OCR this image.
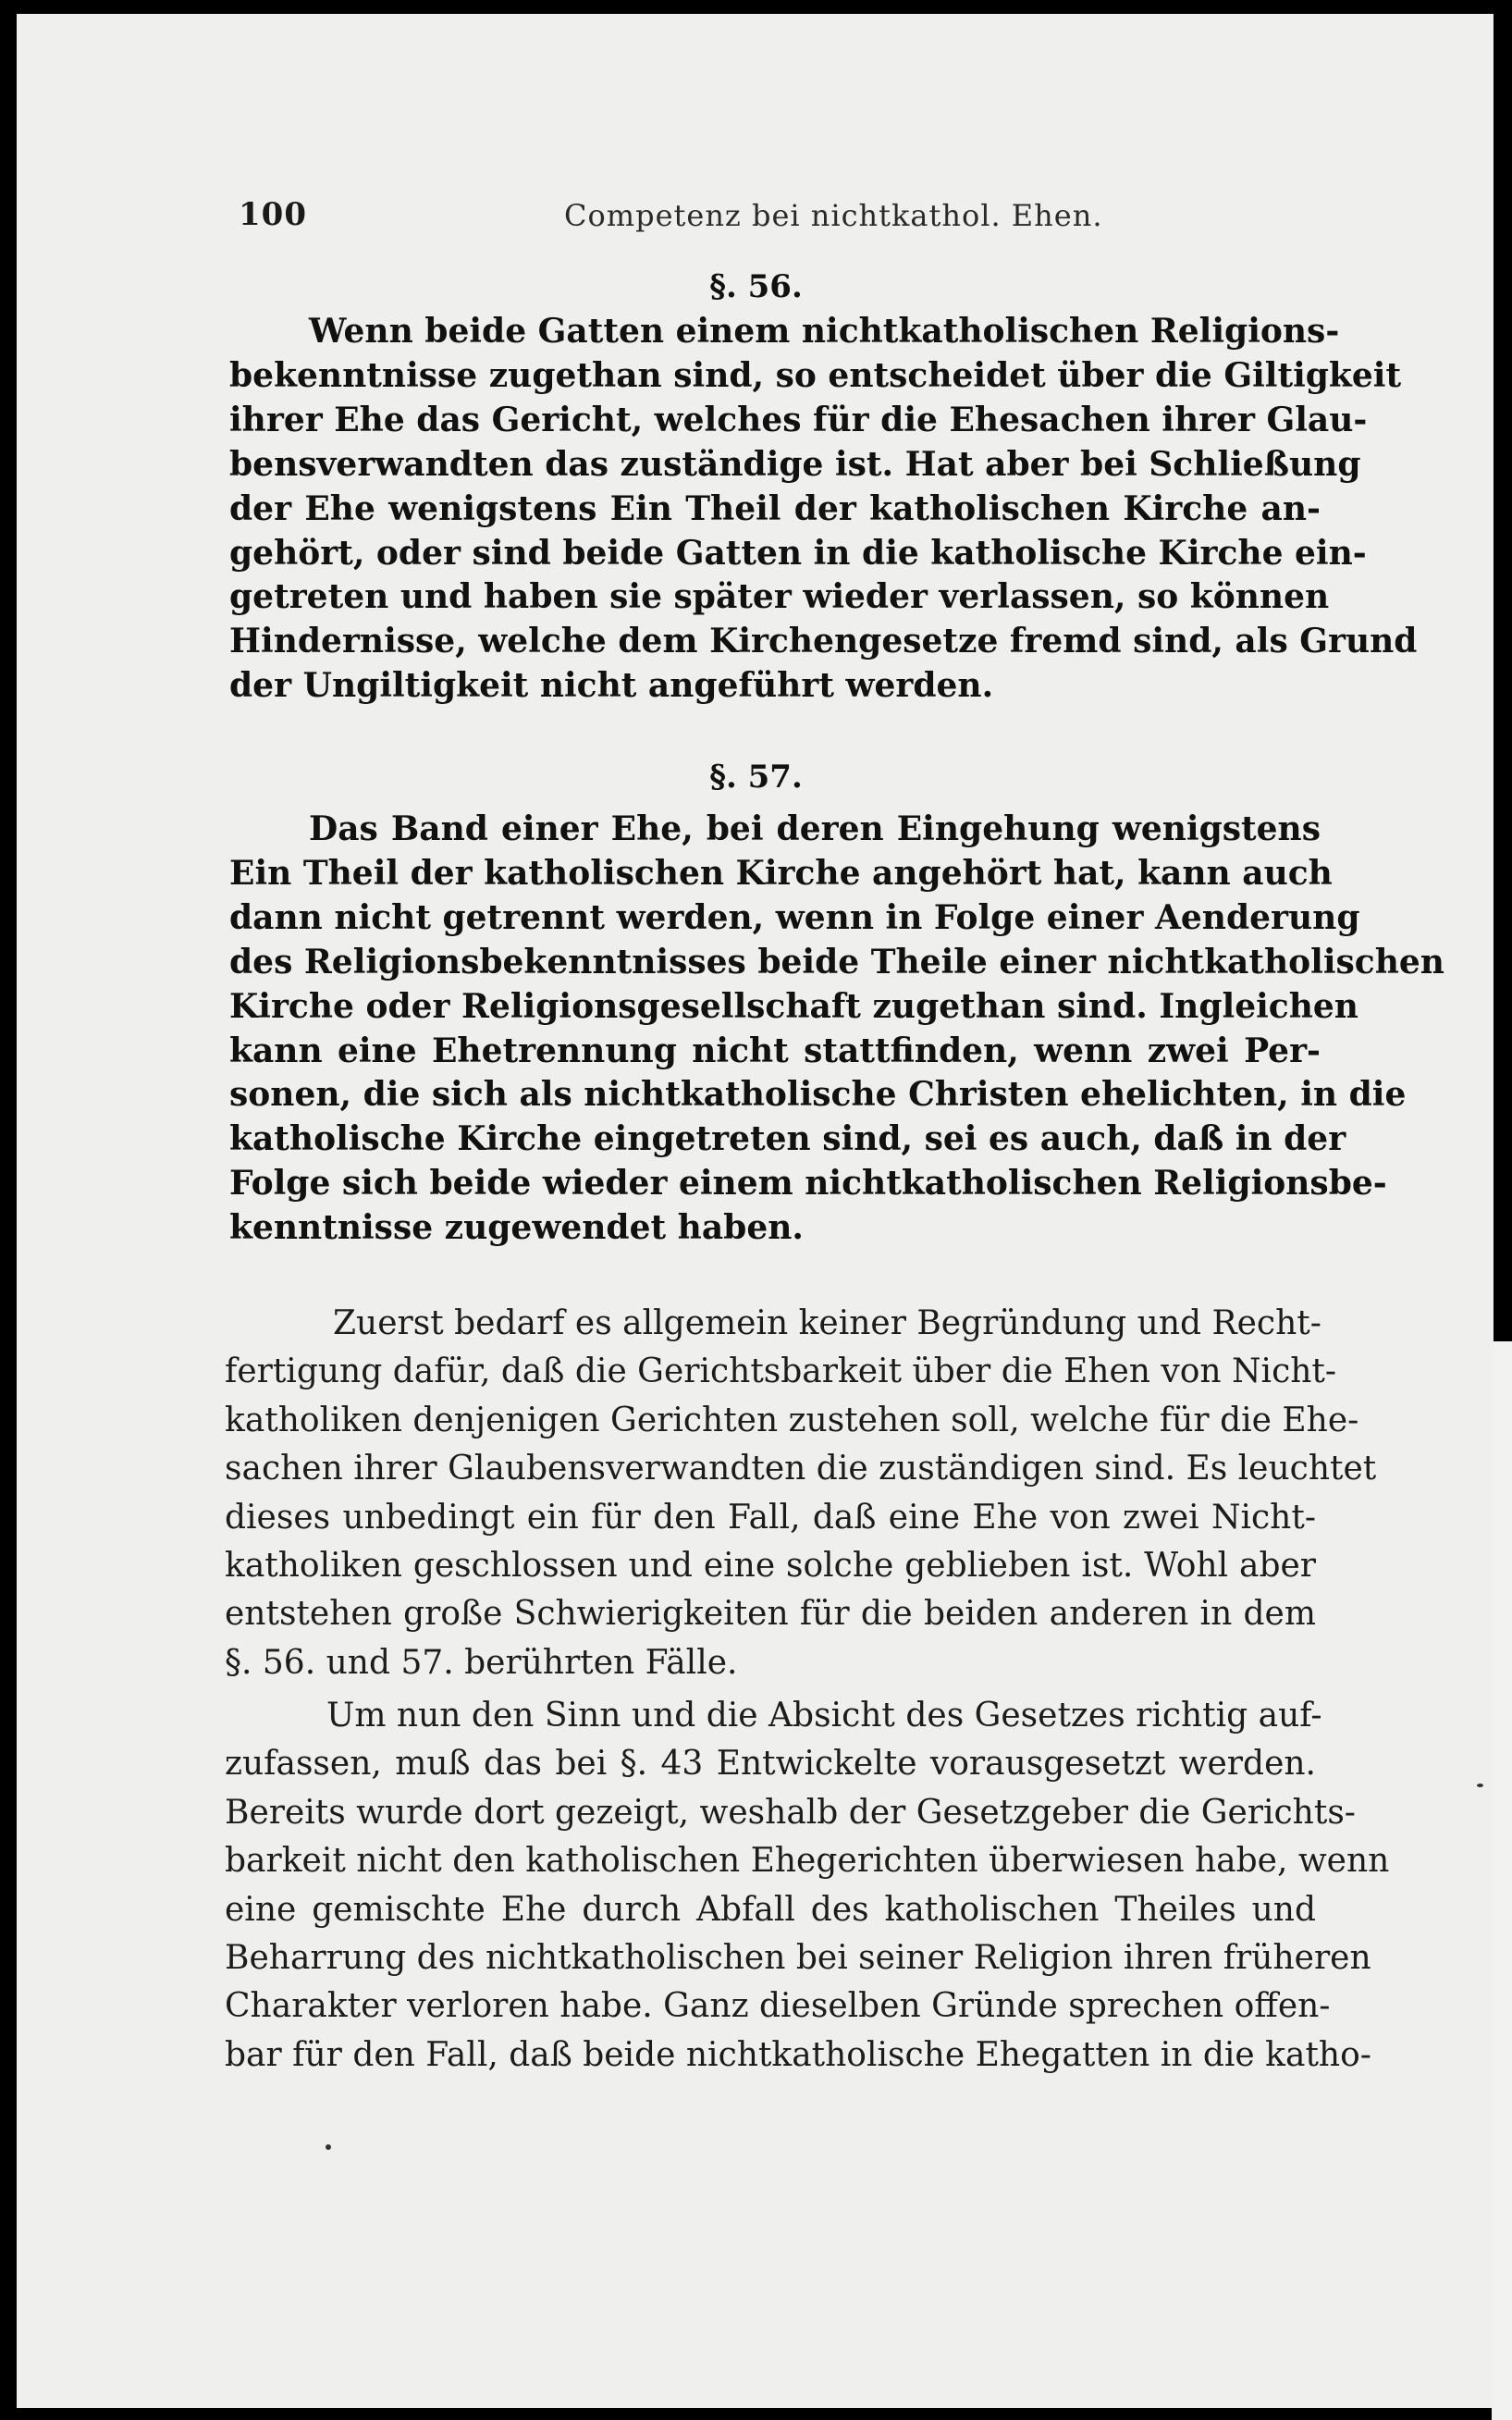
100	Competenz bei nichtkathol. Ehen.
§. 56.
Wenn beide Gatten einem nichtkatholischen Religions-
bekenntnisse zugethan sind, so entscheidet über die Giltigkeit
ihrer Ehe das Gericht, welches für die Ehesachen ihrer Glau-
bensverwandten das zuständige ist. Hat aber bei Schließung
der Ehe wenigstens Ein Theil der katholischen Kirche an-
gehört, oder sind beide Gatten in die katholische Kirche ein-
getreten und haben sie später wieder verlassen, so können
Hindernisse, welche dem Kirchengesetze fremd sind, als Grund
der Ungiltigkeit nicht angeführt werden.
§. 57.
Das Band einer Ehe, bei deren Eingehung wenigstens
Ein Theil der katholischen Kirche angehört hat, kann auch
dann nicht getrennt werden, wenn in Folge einer Aenderung
des Religionsbekenntnisses beide Theile einer nichtkatholischen
Kirche oder Religionsgesellschaft zugethan sind. Ingleichen
kann eine Ehetrennung nicht stattfinden, wenn zwei Per-
sonen, die sich als nichtkatholische Christen ehelichten, in die
katholische Kirche eingetreten sind, sei es auch, daß in der
Folge sich beide wieder einem nichtkatholischen Religionsbe-
kenntnisse zugewendet haben.
Zuerst bedarf es allgemein keiner Begründung und Recht-
fertigung dafür, daß die Gerichtsbarkeit über die Ehen von Nicht-
katholiken denjenigen Gerichten zustehen soll, welche für die Ehe-
sachen ihrer Glaubensverwandten die zuständigen sind. Es leuchtet
dieses unbedingt ein für den Fall, daß eine Ehe von zwei Nicht-
katholiken geschlossen und eine solche geblieben ist. Wohl aber
entstehen große Schwierigkeiten für die beiden anderen in dem
§. 56. und 57. berührten Fälle.
Um nun den Sinn und die Absicht des Gesetzes richtig auf-
zufassen, muß das bei §. 43 Entwickelte vorausgesetzt werden.
Bereits wurde dort gezeigt, weshalb der Gesetzgeber die Gerichts-
barkeit nicht den katholischen Ehegerichten überwiesen habe, wenn
eine gemischte Ehe durch Abfall des katholischen Theiles und
Beharrung des nichtkatholischen bei seiner Religion ihren früheren
Charakter verloren habe. Ganz dieselben Gründe sprechen offen-
bar für den Fall, daß beide nichtkatholische Ehegatten in die katho-
